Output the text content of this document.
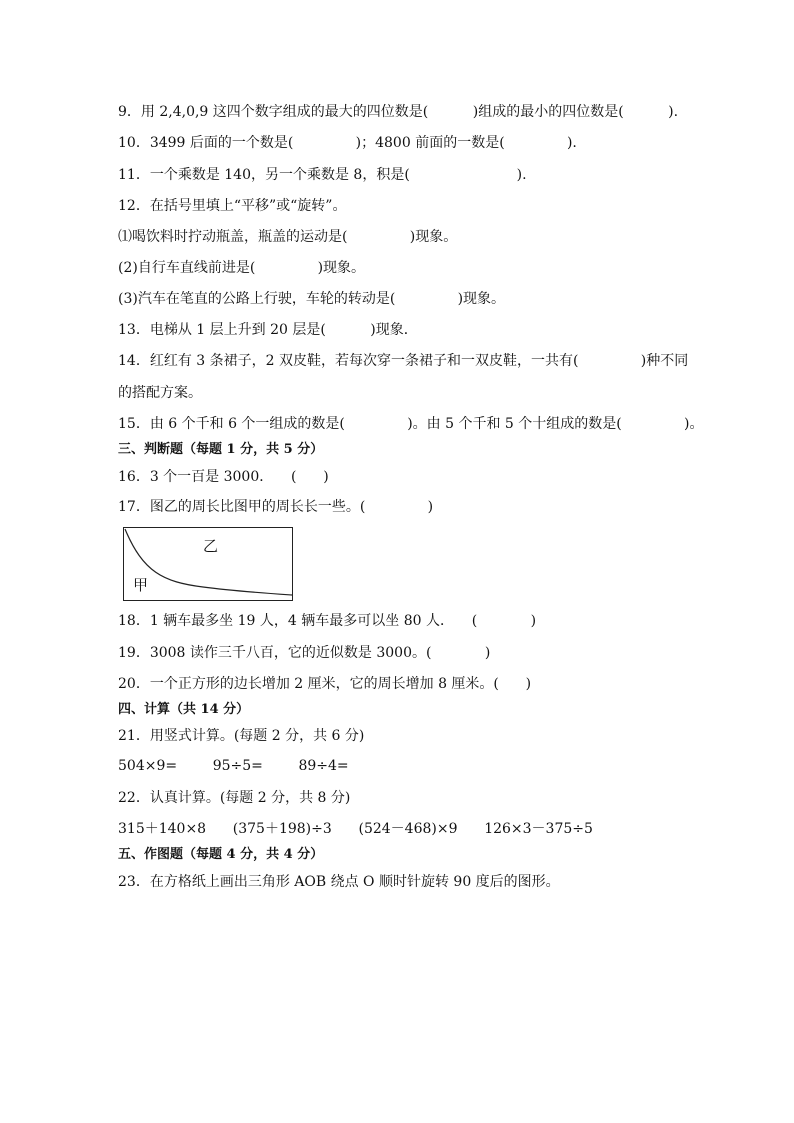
9．用 2,4,0,9 这四个数字组成的最大的四位数是(          )组成的最小的四位数是(          ).
10．3499 后面的一个数是(              )；4800 前面的一数是(              ).
11．一个乘数是 140，另一个乘数是 8，积是(                        ).
12．在括号里填上“平移”或“旋转”。
⑴喝饮料时拧动瓶盖，瓶盖的运动是(              )现象。
(2)自行车直线前进是(              )现象。
(3)汽车在笔直的公路上行驶，车轮的转动是(              )现象。
13．电梯从 1 层上升到 20 层是(          )现象．
14．红红有 3 条裙子，2 双皮鞋，若每次穿一条裙子和一双皮鞋，一共有(              )种不同
的搭配方案。
15．由 6 个千和 6 个一组成的数是(              )。由 5 个千和 5 个十组成的数是(              )。
三、判断题（每题 1 分，共 5 分）
16．3 个一百是 3000．    (      )
17．图乙的周长比图甲的周长长一些。(              )
乙
甲
18．1 辆车最多坐 19 人，4 辆车最多可以坐 80 人．    (            )
19．3008 读作三千八百，它的近似数是 3000。(            )
20．一个正方形的边长增加 2 厘米，它的周长增加 8 厘米。(      )
四、计算（共 14 分）
21．用竖式计算。(每题 2 分，共 6 分)
504×9=        95÷5=        89÷4=
22．认真计算。(每题 2 分，共 8 分)
315＋140×8      (375＋198)÷3      (524－468)×9      126×3－375÷5
五、作图题（每题 4 分，共 4 分）
23．在方格纸上画出三角形 AOB 绕点 O 顺时针旋转 90 度后的图形。
